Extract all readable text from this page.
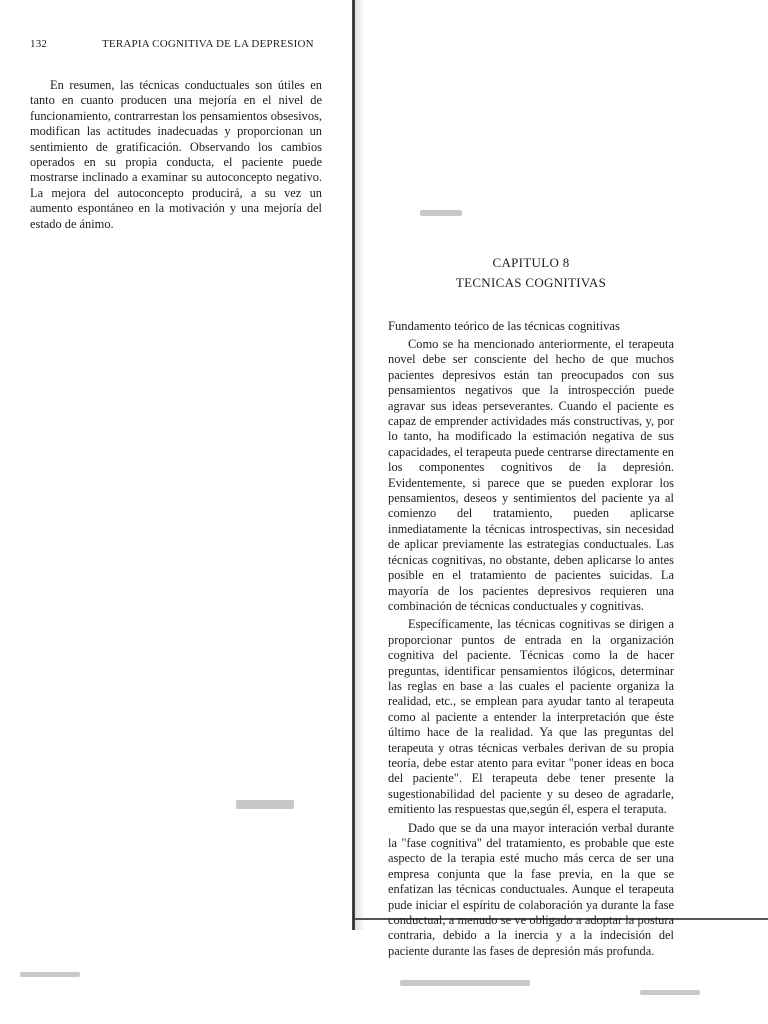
132	TERAPIA COGNITIVA DE LA DEPRESION

En resumen, las técnicas conductuales son útiles en tanto en cuanto producen una mejoría en el nivel de funcionamiento, contrarrestan los pensamientos obsesivos, modifican las actitudes inadecuadas y proporcionan un sentimiento de gratificación. Observando los cambios operados en su propia conducta, el paciente puede mostrarse inclinado a examinar su autoconcepto negativo. La mejora del autoconcepto producirá, a su vez un aumento espontáneo en la motivación y una mejoría del estado de ánimo.

CAPITULO 8
TECNICAS COGNITIVAS
Fundamento teórico de las técnicas cognitivas

Como se ha mencionado anteriormente, el terapeuta novel debe ser consciente del hecho de que muchos pacientes depresivos están tan preocupados con sus pensamientos negativos que la introspección puede agravar sus ideas perseverantes. Cuando el paciente es capaz de emprender actividades más constructivas, y, por lo tanto, ha modificado la estimación negativa de sus capacidades, el terapeuta puede centrarse directamente en los componentes cognitivos de la depresión. Evidentemente, si parece que se pueden explorar los pensamientos, deseos y sentimientos del paciente ya al comienzo del tratamiento, pueden aplicarse inmediatamente la técnicas introspectivas, sin necesidad de aplicar previamente las estrategias conductuales. Las técnicas cognitivas, no obstante, deben aplicarse lo antes posible en el tratamiento de pacientes suicidas. La mayoría de los pacientes depresivos requieren una combinación de técnicas conductuales y cognitivas.

Específicamente, las técnicas cognitivas se dirigen a proporcionar puntos de entrada en la organización cognitiva del paciente. Técnicas como la de hacer preguntas, identificar pensamientos ilógicos, determinar las reglas en base a las cuales el paciente organiza la realidad, etc., se emplean para ayudar tanto al terapeuta como al paciente a entender la interpretación que éste último hace de la realidad. Ya que las preguntas del terapeuta y otras técnicas verbales derivan de su propia teoría, debe estar atento para evitar "poner ideas en boca del paciente". El terapeuta debe tener presente la sugestionabilidad del paciente y su deseo de agradarle, emitiento las respuestas que,según él, espera el teraputa.

Dado que se da una mayor interación verbal durante la "fase cognitiva" del tratamiento, es probable que este aspecto de la terapia esté mucho más cerca de ser una empresa conjunta que la fase previa, en la que se enfatizan las técnicas conductuales. Aunque el terapeuta pude iniciar el espíritu de colaboración ya durante la fase conductual, a menudo se ve obligado a adoptar la postura contraria, debido a la inercia y a la indecisión del paciente durante las fases de depresión más profunda.
